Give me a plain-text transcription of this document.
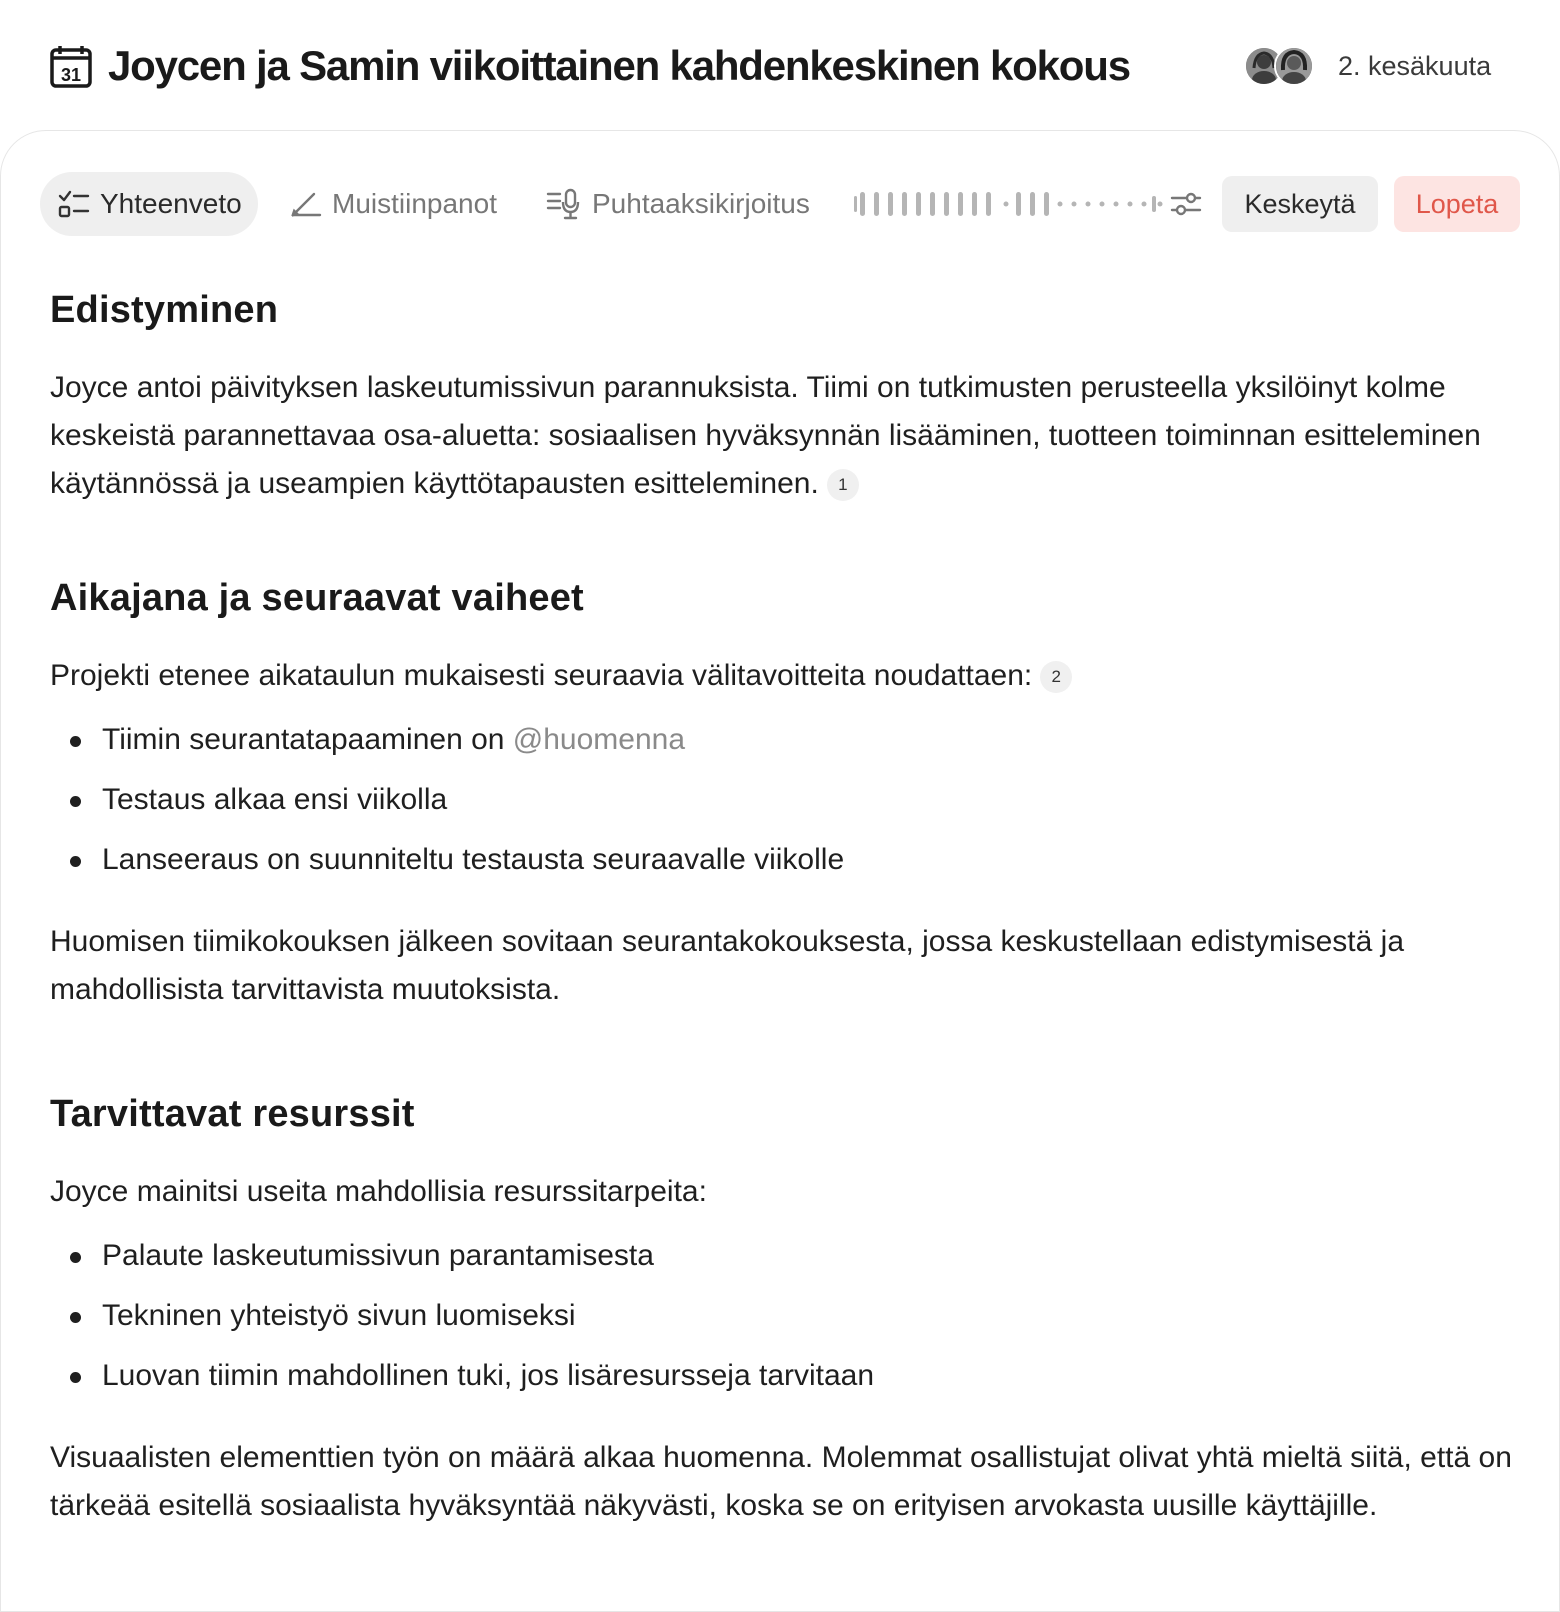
31 Joycen ja Samin viikoittainen kahdenkeskinen kokous	2. kesäkuuta
Yhteenveto	Muistiinpanot	Puhtaaksikirjoitus	Keskeytä	Lopeta
Edistyminen

Joyce antoi päivityksen laskeutumissivun parannuksista. Tiimi on tutkimusten perusteella yksilöinyt kolme keskeistä parannettavaa osa-aluetta: sosiaalisen hyväksynnän lisääminen, tuotteen toiminnan esitteleminen käytännössä ja useampien käyttötapausten esitteleminen. 1

Aikajana ja seuraavat vaiheet

Projekti etenee aikataulun mukaisesti seuraavia välitavoitteita noudattaen: 2

Tiimin seurantatapaaminen on @huomenna
Testaus alkaa ensi viikolla
Lanseeraus on suunniteltu testausta seuraavalle viikolle

Huomisen tiimikokouksen jälkeen sovitaan seurantakokouksesta, jossa keskustellaan edistymisestä ja mahdollisista tarvittavista muutoksista.

Tarvittavat resurssit

Joyce mainitsi useita mahdollisia resurssitarpeita:

Palaute laskeutumissivun parantamisesta
Tekninen yhteistyö sivun luomiseksi
Luovan tiimin mahdollinen tuki, jos lisäresursseja tarvitaan

Visuaalisten elementtien työn on määrä alkaa huomenna. Molemmat osallistujat olivat yhtä mieltä siitä, että on tärkeää esitellä sosiaalista hyväksyntää näkyvästi, koska se on erityisen arvokasta uusille käyttäjille.
